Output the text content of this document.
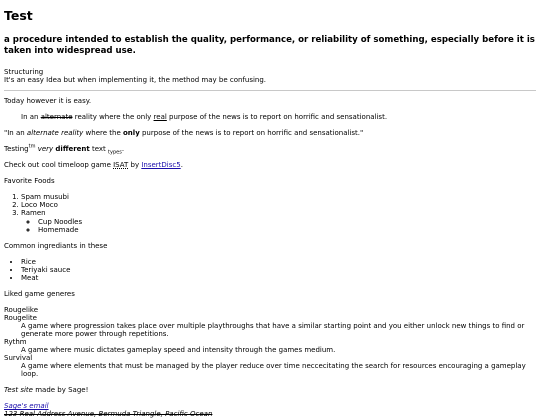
Test
a procedure intended to establish the quality, performance, or reliability of something, especially before it is taken into widespread use.
Structuring
It's an easy Idea but when implementing it, the method may be confusing.

Today however it is easy.

In an alternate reality where the only real purpose of the news is to report on horrific and sensationalist.

"In an alternate reality where the only purpose of the news is to report on horrific and sensationalist."

Testing$^{tm}$ very different text $_{types}$.

Check out cool timeloop game ISAT by InsertDisc5.

Favorite Foods

1. Spam musubi
2. Loco Moco
3. Ramen
◦ Cup Noodles
◦ Homemade

Common ingrediants in these

• Rice
• Teriyaki sauce
• Meat

Liked game generes

Rougelike
Rougelite
A game where progression takes place over multiple playthroughs that have a similar starting point and you either unlock new things to find or generate more power through repetitions.
Rythm
A game where music dictates gameplay speed and intensity through the games medium.
Survival
A game where elements that must be managed by the player reduce over time neccecitating the search for resources encouraging a gameplay loop.

Test site made by Sage!

Sage's email
123 Real Address Avenue, Bermuda Triangle, Pacific Ocean
